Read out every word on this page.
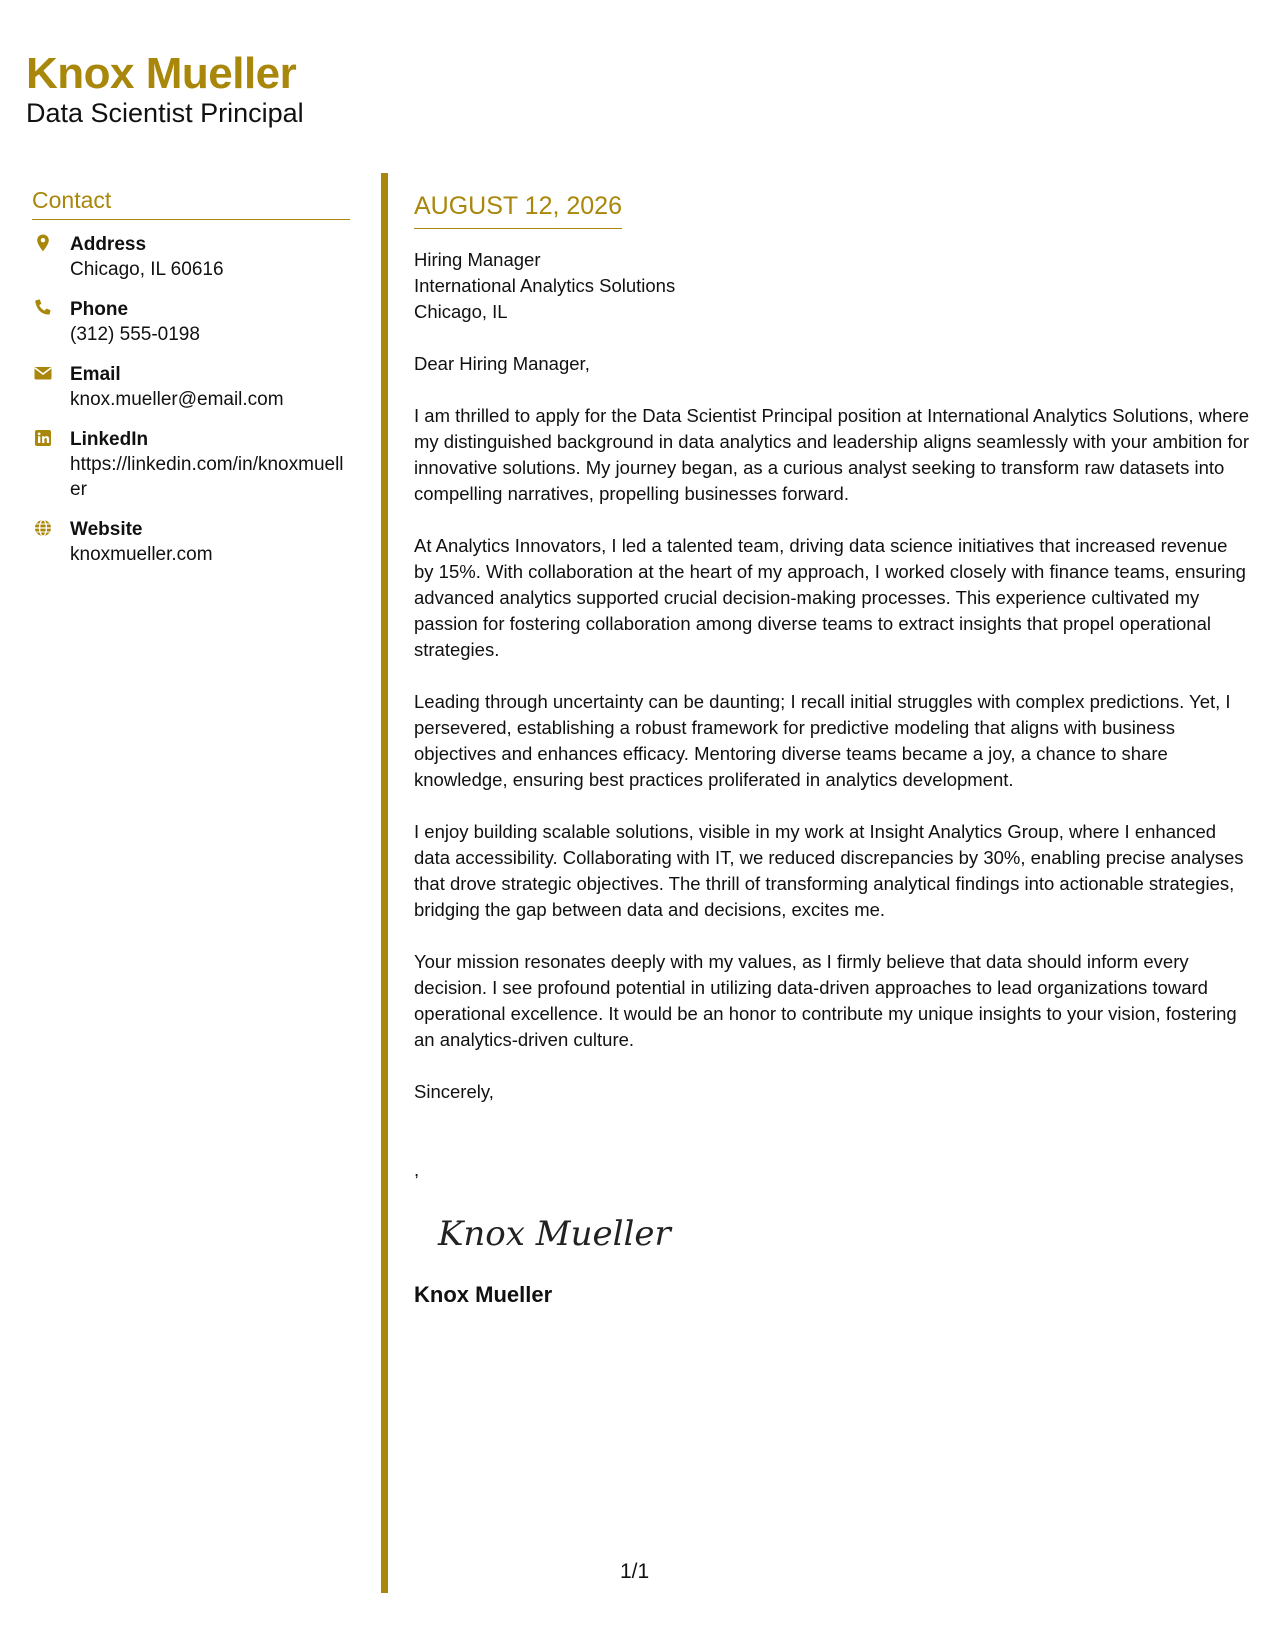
Knox Mueller
Data Scientist Principal
Contact
Address
Chicago, IL 60616
Phone
(312) 555-0198
Email
knox.mueller@email.com
LinkedIn
https://linkedin.com/in/knoxmueller
Website
knoxmueller.com
AUGUST 12, 2026
Hiring Manager
International Analytics Solutions
Chicago, IL
Dear Hiring Manager,
I am thrilled to apply for the Data Scientist Principal position at International Analytics Solutions, where my distinguished background in data analytics and leadership aligns seamlessly with your ambition for innovative solutions. My journey began, as a curious analyst seeking to transform raw datasets into compelling narratives, propelling businesses forward.
At Analytics Innovators, I led a talented team, driving data science initiatives that increased revenue by 15%. With collaboration at the heart of my approach, I worked closely with finance teams, ensuring advanced analytics supported crucial decision-making processes. This experience cultivated my passion for fostering collaboration among diverse teams to extract insights that propel operational strategies.
Leading through uncertainty can be daunting; I recall initial struggles with complex predictions. Yet, I persevered, establishing a robust framework for predictive modeling that aligns with business objectives and enhances efficacy. Mentoring diverse teams became a joy, a chance to share knowledge, ensuring best practices proliferated in analytics development.
I enjoy building scalable solutions, visible in my work at Insight Analytics Group, where I enhanced data accessibility. Collaborating with IT, we reduced discrepancies by 30%, enabling precise analyses that drove strategic objectives. The thrill of transforming analytical findings into actionable strategies, bridging the gap between data and decisions, excites me.
Your mission resonates deeply with my values, as I firmly believe that data should inform every decision. I see profound potential in utilizing data-driven approaches to lead organizations toward operational excellence. It would be an honor to contribute my unique insights to your vision, fostering an analytics-driven culture.
Sincerely,
,
Knox Mueller
Knox Mueller
1/1
